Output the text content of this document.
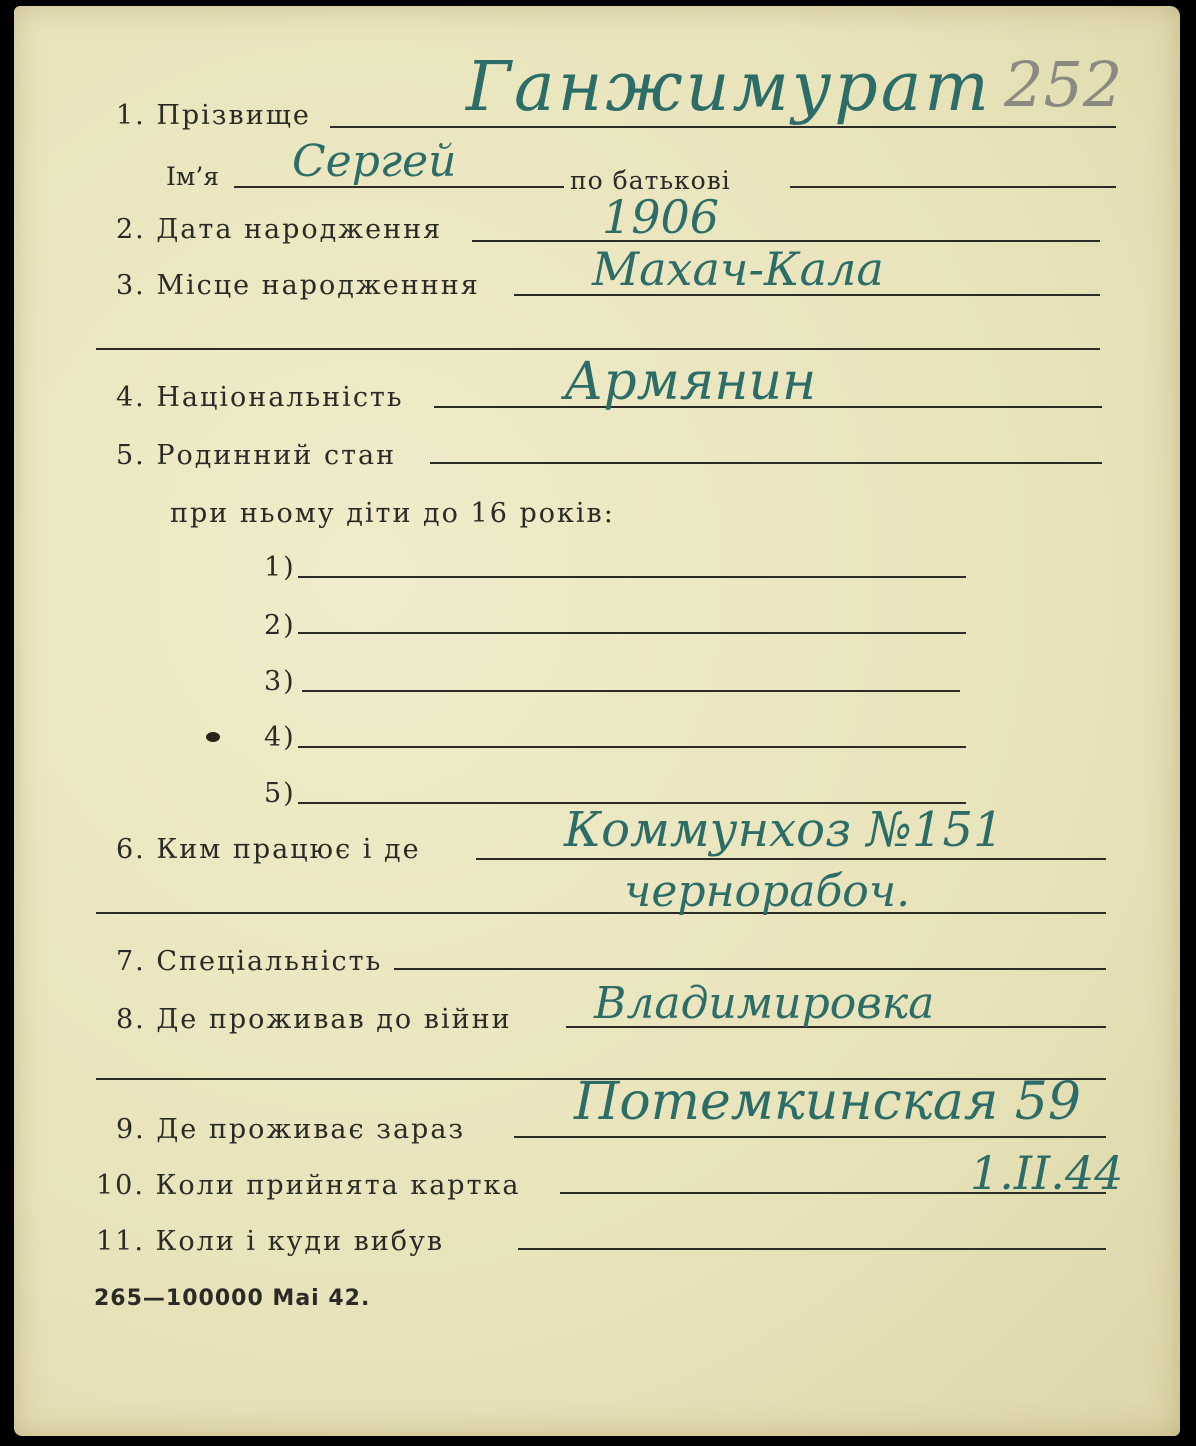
1. Прізвище Ганжимурат 252
Ім’я Сергей	по батькові
2. Дата народження	1906
3. Місце народженння Махач-Кала
4. Національність	Армянин
5. Родинний стан
при ньому діти до 16 років:
1)
2)
3)
4)
5)
6. Ким працює і де	Коммунхоз №151
чернорабоч.
7. Спеціальність
8. Де проживав до війни Владимировка
9. Де проживає зараз Потемкинская 59
10. Коли прийнята картка	1.II.44
11. Коли і куди вибув
265—100000 Mai 42.
